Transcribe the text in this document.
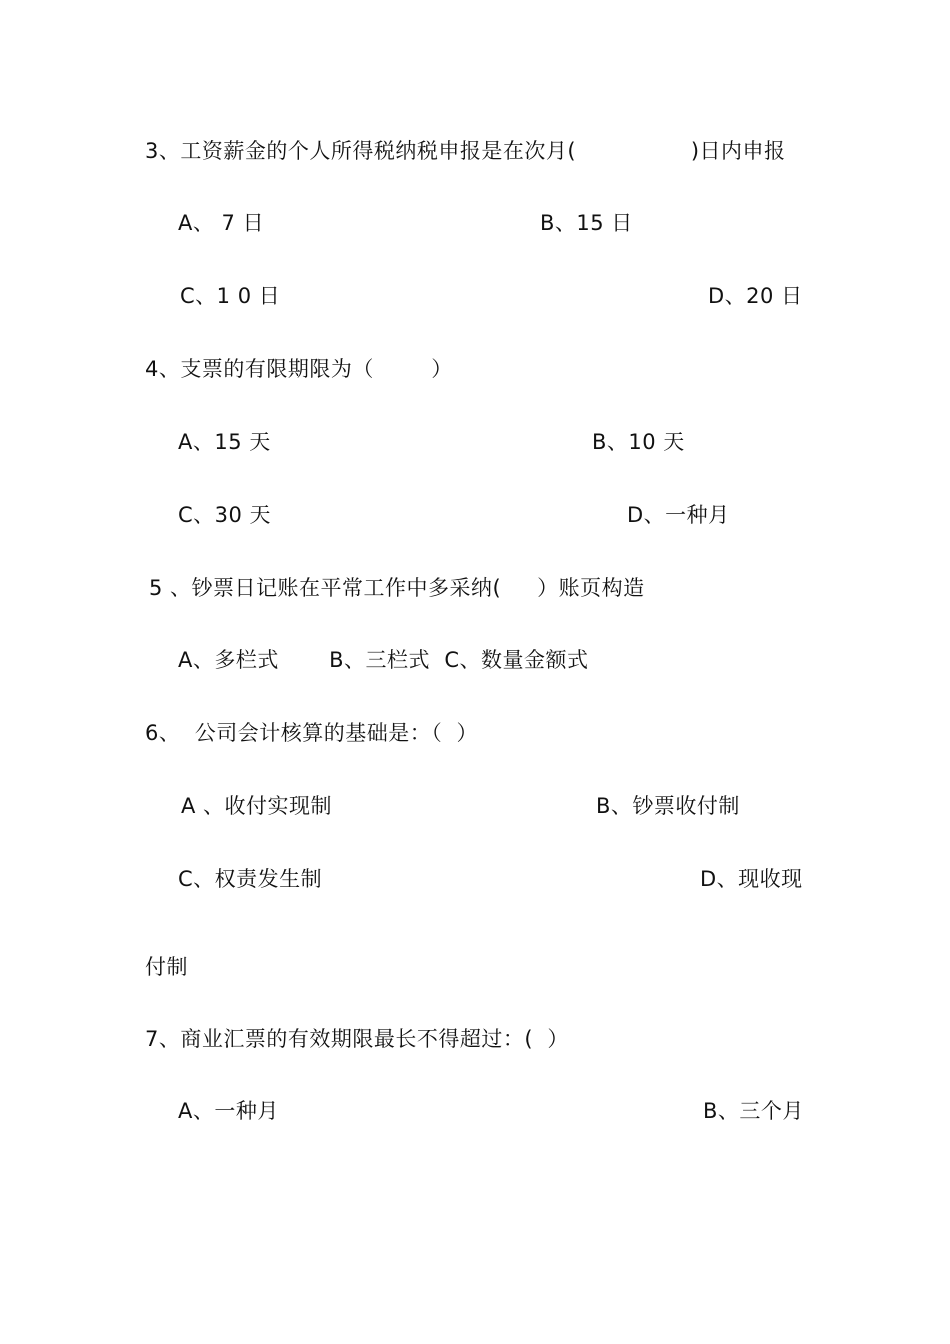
3、工资薪金的个人所得税纳税申报是在次月(                )日内申报
A、 7 日	B、15 日
C、1 0 日	D、20 日
4、支票的有限期限为（        ）
A、15 天	B、10 天
C、30 天	D、一种月
5 、钞票日记账在平常工作中多采纳(     ）账页构造
A、多栏式       B、三栏式  C、数量金额式
6、  公司会计核算的基础是：（  ）
A 、收付实现制	B、钞票收付制
C、权责发生制	D、现收现
付制
7、商业汇票的有效期限最长不得超过：(  ）
A、一种月	B、三个月
